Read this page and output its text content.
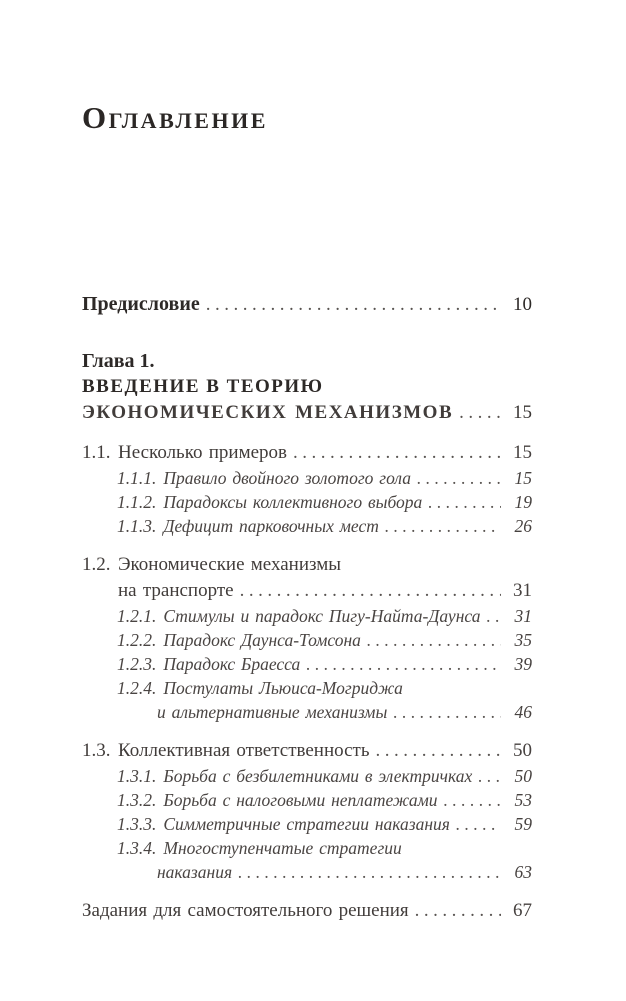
Оглавление
Предисловие .....	10
Глава 1.
ВВЕДЕНИЕ В ТЕОРИЮ
ЭКОНОМИЧЕСКИХ МЕХАНИЗМОВ .....	15
1.1. Несколько примеров .....	15
1.1.1. Правило двойного золотого гола .....	15
1.1.2. Парадоксы коллективного выбора .....	19
1.1.3. Дефицит парковочных мест .....	26
1.2. Экономические механизмы
на транспорте .....	31
1.2.1. Стимулы и парадокс Пигу-Найта-Даунса .....	31
1.2.2. Парадокс Даунса-Томсона .....	35
1.2.3. Парадокс Браесса .....	39
1.2.4. Постулаты Льюиса-Могриджа
и альтернативные механизмы .....	46
1.3. Коллективная ответственность .....	50
1.3.1. Борьба с безбилетниками в электричках .....	50
1.3.2. Борьба с налоговыми неплатежами .....	53
1.3.3. Симметричные стратегии наказания .....	59
1.3.4. Многоступенчатые стратегии
наказания .....	63
Задания для самостоятельного решения .....	67
